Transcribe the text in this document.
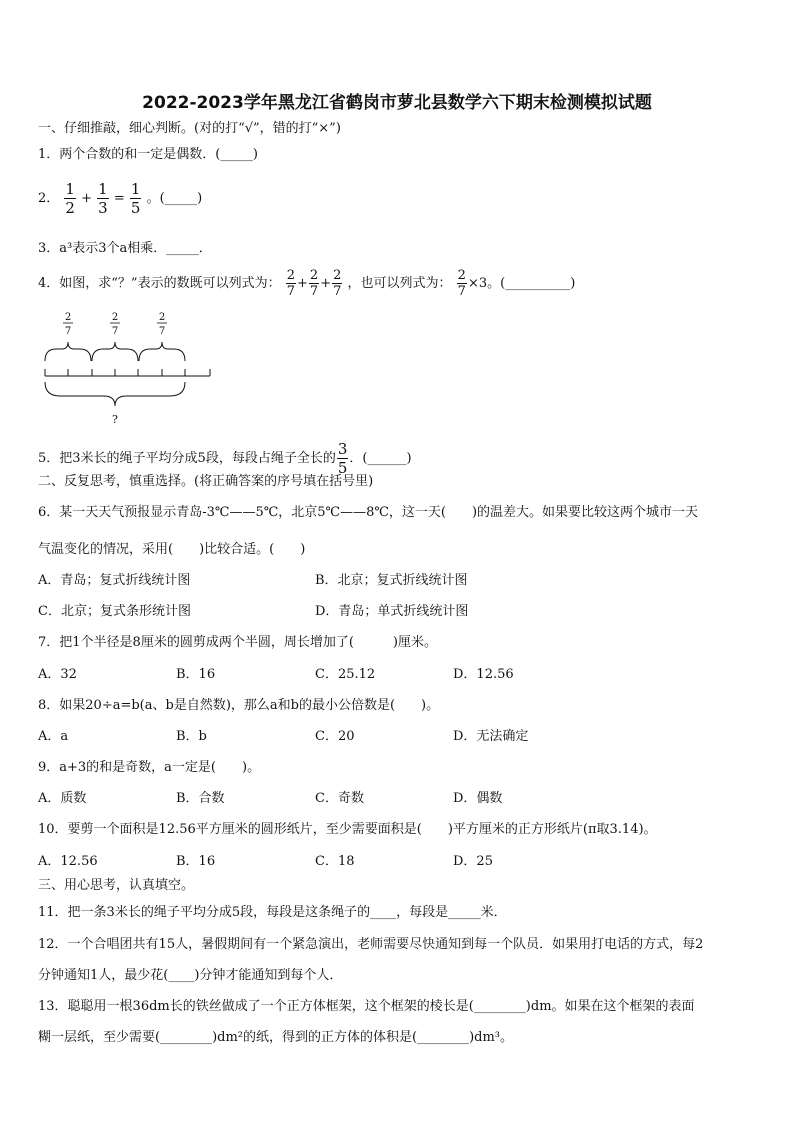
2022-2023学年黑龙江省鹤岗市萝北县数学六下期末检测模拟试题
一、仔细推敲，细心判断。(对的打“√”，错的打“×”)
1．两个合数的和一定是偶数．(_____)
2． $\frac{1}{2} + \frac{1}{3} = \frac{1}{5}$ 。(_____)
3．a³表示3个a相乘．_____．
4．如图，求“？”表示的数既可以列式为： $\frac{2}{7} + \frac{2}{7} + \frac{2}{7}$ ，也可以列式为： $\frac{2}{7} \times 3$。(__________)
2
7
2
7
2
7
?
5．把3米长的绳子平均分成5段，每段占绳子全长的 $\frac{3}{5}$ ．(______)
二、反复思考，慎重选择。(将正确答案的序号填在括号里)
6．某一天天气预报显示青岛-3℃——5℃，北京5℃——8℃，这一天(　　)的温差大。如果要比较这两个城市一天
气温变化的情况，采用(　　)比较合适。(　　)
A．青岛；复式折线统计图	B．北京；复式折线统计图
C．北京；复式条形统计图	D．青岛；单式折线统计图
7．把1个半径是8厘米的圆剪成两个半圆，周长增加了(　　　)厘米。
A．32	B．16	C．25.12	D．12.56
8．如果20÷a=b(a、b是自然数)，那么a和b的最小公倍数是(　　)。
A．a	B．b	C．20	D．无法确定
9．a+3的和是奇数，a一定是(　　)。
A．质数	B．合数	C．奇数	D．偶数
10．要剪一个面积是12.56平方厘米的圆形纸片，至少需要面积是(　　)平方厘米的正方形纸片(π取3.14)。
A．12.56	B．16	C．18	D．25
三、用心思考，认真填空。
11．把一条3米长的绳子平均分成5段，每段是这条绳子的____，每段是_____米．
12．一个合唱团共有15人，暑假期间有一个紧急演出，老师需要尽快通知到每一个队员．如果用打电话的方式，每2
分钟通知1人，最少花(____)分钟才能通知到每个人．
13．聪聪用一根36dm长的铁丝做成了一个正方体框架，这个框架的棱长是(________)dm。如果在这个框架的表面
糊一层纸，至少需要(________)dm²的纸，得到的正方体的体积是(________)dm³。
